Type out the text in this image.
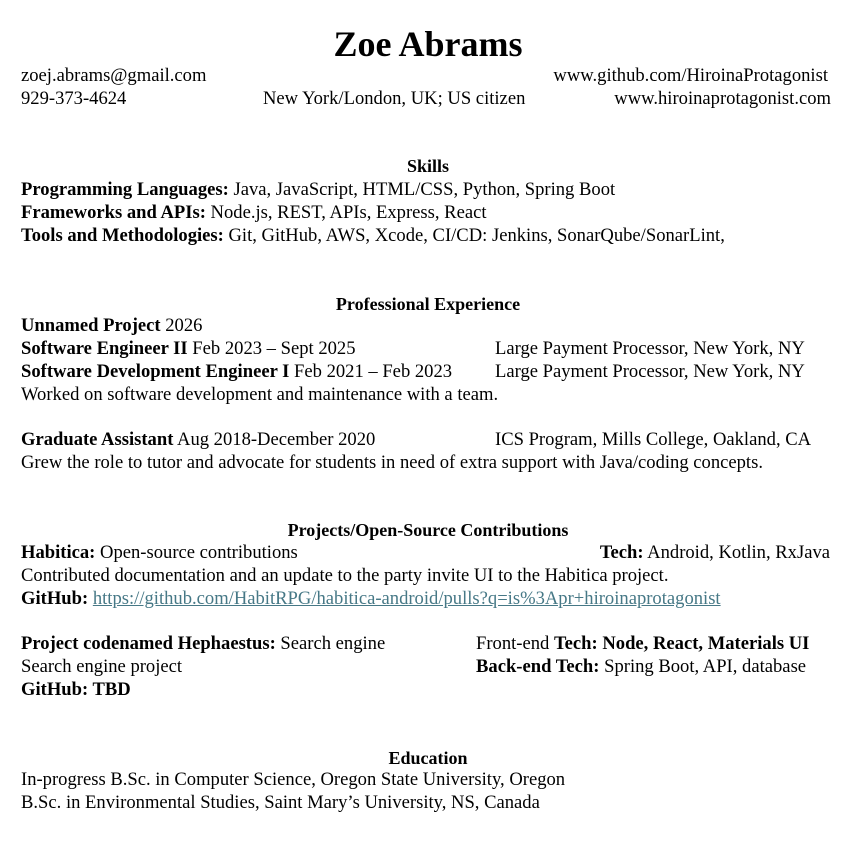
Zoe Abrams
zoej.abrams@gmail.com	www.github.com/HiroinaProtagonist
929-373-4624	New York/London, UK; US citizen	www.hiroinaprotagonist.com
Skills
Programming Languages: Java, JavaScript, HTML/CSS, Python, Spring Boot
Frameworks and APIs: Node.js, REST, APIs, Express, React
Tools and Methodologies: Git, GitHub, AWS, Xcode, CI/CD: Jenkins, SonarQube/SonarLint,
Professional Experience
Unnamed Project 2026
Software Engineer II Feb 2023 – Sept 2025	Large Payment Processor, New York, NY
Software Development Engineer I Feb 2021 – Feb 2023 Large Payment Processor, New York, NY
Worked on software development and maintenance with a team.
Graduate Assistant Aug 2018-December 2020	ICS Program, Mills College, Oakland, CA
Grew the role to tutor and advocate for students in need of extra support with Java/coding concepts.
Projects/Open-Source Contributions
Habitica: Open-source contributions	Tech: Android, Kotlin, RxJava
Contributed documentation and an update to the party invite UI to the Habitica project.
GitHub: https://github.com/HabitRPG/habitica-android/pulls?q=is%3Apr+hiroinaprotagonist
Project codenamed Hephaestus: Search engine	Front-end Tech: Node, React, Materials UI
Search engine project	Back-end Tech: Spring Boot, API, database
GitHub: TBD
Education
In-progress B.Sc. in Computer Science, Oregon State University, Oregon
B.Sc. in Environmental Studies, Saint Mary’s University, NS, Canada
